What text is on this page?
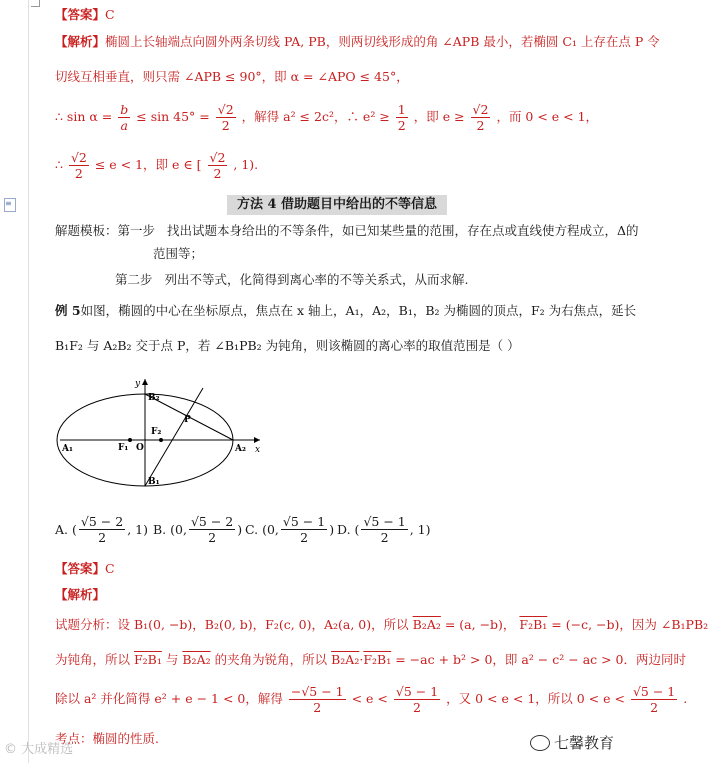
【答案】C
【解析】椭圆上长轴端点向圆外两条切线 PA, PB，则两切线形成的角 ∠APB 最小，若椭圆 C₁ 上存在点 P 令
切线互相垂直，则只需 ∠APB ≤ 90°，即 α = ∠APO ≤ 45°，
∴ $\sin \alpha = \frac{b}{a} \le \sin 45^\circ = \frac{√2}{2}$ ，解得 a² ≤ 2c²，∴ $e^2 \ge \frac{1}{2}$ ，即 $e \ge \frac{√2}{2}$ ，而 0 < e < 1，
∴ $\frac{√2}{2} \le e < 1$，即 e ∈ [ $\frac{√2}{2}$ , 1).
方法 4 借助题目中给出的不等信息
解题模板：第一步 找出试题本身给出的不等条件，如已知某些量的范围，存在点或直线使方程成立，Δ的
范围等；
第二步 列出不等式，化简得到离心率的不等关系式，从而求解.
例 5如图，椭圆的中心在坐标原点，焦点在 x 轴上，A₁，A₂，B₁，B₂ 为椭圆的顶点，F₂ 为右焦点，延长
B₁F₂ 与 A₂B₂ 交于点 P，若 ∠B₁PB₂ 为钝角，则该椭圆的离心率的取值范围是（ ）
y
x
B₂
B₁
A₁	A₂
F₁
F₂
O
P
A.
( $\frac{√5 - 2}{2}$ , 1) B.
(0, $\frac{√5 - 2}{2}$ ) C.
(0, $\frac{√5 - 1}{2}$ ) D.
( $\frac{√5 - 1}{2}$ , 1)
【答案】C
【解析】
试题分析：设 B₁(0, −b)，B₂(0, b)，F₂(c, 0)，A₂(a, 0)，所以 B₂A₂ = (a, −b)， F₂B₁ = (−c, −b)，因为 ∠B₁PB₂
为钝角，所以 F₂B₁ 与 B₂A₂ 的夹角为锐角，所以 B₂A₂·F₂B₁ = −ac + b² > 0，即 a² − c² − ac > 0．两边同时
除以 a² 并化简得 e² + e − 1 < 0，解得 $\frac{-√5 - 1}{2} < e < \frac{√5 - 1}{2}$ ，又 0 < e < 1，所以 $0 < e < \frac{√5 - 1}{2}$ .
考点：椭圆的性质.
≡
© 大成精选	七馨教育
